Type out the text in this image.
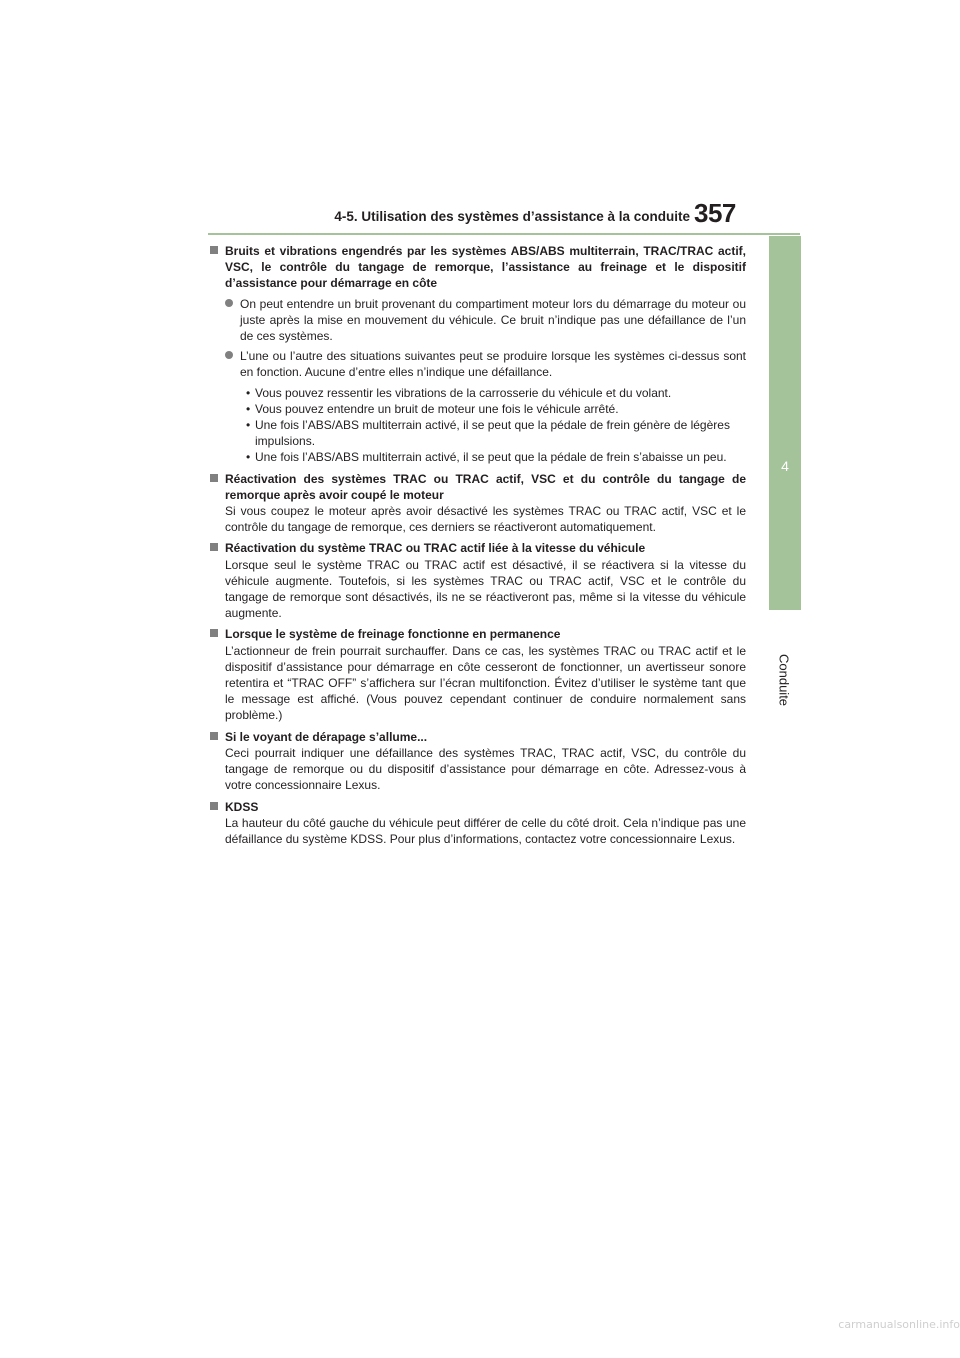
4-5. Utilisation des systèmes d’assistance à la conduite 357
4
Conduite
Bruits et vibrations engendrés par les systèmes ABS/ABS multiterrain, TRAC/TRAC actif, VSC, le contrôle du tangage de remorque, l’assistance au freinage et le dispositif d’assistance pour démarrage en côte
On peut entendre un bruit provenant du compartiment moteur lors du démarrage du moteur ou juste après la mise en mouvement du véhicule. Ce bruit n’indique pas une défaillance de l’un de ces systèmes.
L’une ou l’autre des situations suivantes peut se produire lorsque les systèmes ci-dessus sont en fonction. Aucune d’entre elles n’indique une défaillance.
• Vous pouvez ressentir les vibrations de la carrosserie du véhicule et du volant.
• Vous pouvez entendre un bruit de moteur une fois le véhicule arrêté.
• Une fois l’ABS/ABS multiterrain activé, il se peut que la pédale de frein génère de légères impulsions.
• Une fois l’ABS/ABS multiterrain activé, il se peut que la pédale de frein s’abaisse un peu.
Réactivation des systèmes TRAC ou TRAC actif, VSC et du contrôle du tangage de remorque après avoir coupé le moteur
Si vous coupez le moteur après avoir désactivé les systèmes TRAC ou TRAC actif, VSC et le contrôle du tangage de remorque, ces derniers se réactiveront automatiquement.
Réactivation du système TRAC ou TRAC actif liée à la vitesse du véhicule
Lorsque seul le système TRAC ou TRAC actif est désactivé, il se réactivera si la vitesse du véhicule augmente. Toutefois, si les systèmes TRAC ou TRAC actif, VSC et le contrôle du tangage de remorque sont désactivés, ils ne se réactiveront pas, même si la vitesse du véhicule augmente.
Lorsque le système de freinage fonctionne en permanence
L’actionneur de frein pourrait surchauffer. Dans ce cas, les systèmes TRAC ou TRAC actif et le dispositif d’assistance pour démarrage en côte cesseront de fonctionner, un avertisseur sonore retentira et “TRAC OFF” s’affichera sur l’écran multifonction. Évitez d’utiliser le système tant que le message est affiché. (Vous pouvez cependant continuer de conduire normalement sans problème.)
Si le voyant de dérapage s’allume...
Ceci pourrait indiquer une défaillance des systèmes TRAC, TRAC actif, VSC, du contrôle du tangage de remorque ou du dispositif d’assistance pour démarrage en côte. Adressez-vous à votre concessionnaire Lexus.
KDSS
La hauteur du côté gauche du véhicule peut différer de celle du côté droit. Cela n’indique pas une défaillance du système KDSS. Pour plus d’informations, contactez votre concessionnaire Lexus.
carmanualsonline.info
